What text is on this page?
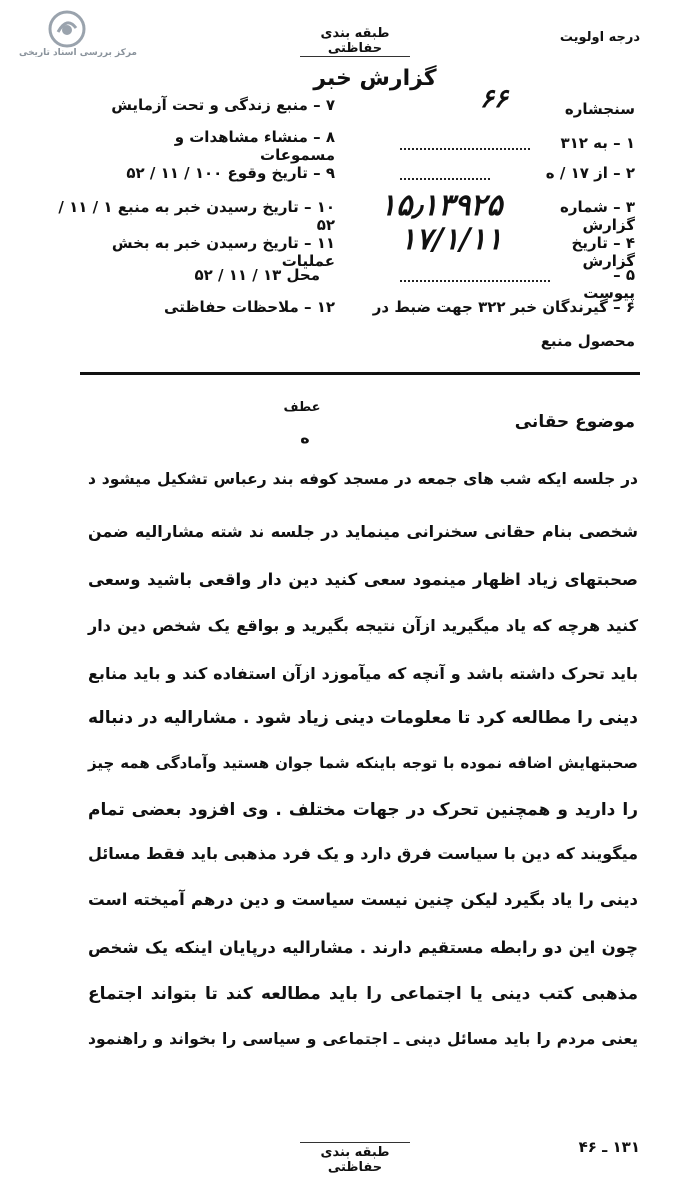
مرکز بررسی اسناد تاریخی
درجه اولویت
طبقه بندی حفاظتی
گزارش خبر
۶۶
۷ – منبع زندگی و تحت آزمایش
۸ – منشاء مشاهدات و مسموعات
۹ – تاریخ وقوع ۱۰۰ / ۱۱ / ۵۲
۱۰ – تاریخ رسیدن خبر به منبع ۱ / ۱۱ / ۵۲
۱۱ – تاریخ رسیدن خبر به بخش عملیات
محل ۱۳ / ۱۱ / ۵۲
۱۲ – ملاحظات حفاظتی
سنجشاره
۱ – به ۳۱۲
۲ – از ۱۷ / ه
۳ – شماره گزارش
۱۵٫۱۳۹۲۵
۴ – تاریخ گزارش
۱۷/۱/۱۱
۵ – پیوست
۶ – گیرندگان خبر ۳۲۲ جهت ضبط در
محصول منبع
عطف
ه
موضوع حقانی
در جلسه ایکه شب های جمعه در مسجد کوفه بند رعباس تشکیل میشود د
شخصی بنام حقانی سخنرانی مینماید در جلسه ند شته مشارالیه ضمن
صحبتهای زیاد اظهار مینمود سعی کنید دین دار واقعی باشید وسعی
کنید هرچه که یاد میگیرید ازآن نتیجه بگیرید و بواقع یک شخص دین دار
باید تحرک داشته باشد و آنچه که میآموزد ازآن استفاده کند و باید منابع
دینی را مطالعه کرد تا معلومات دینی زیاد شود . مشارالیه در دنباله
صحبتهایش اضافه نموده با توجه باینکه شما جوان هستید وآمادگی همه چیز
را دارید و همچنین تحرک در جهات مختلف . وی افزود بعضی تمام
میگویند که دین با سیاست فرق دارد و یک فرد مذهبی باید فقط مسائل
دینی را یاد بگیرد لیکن چنین نیست سیاست و دین درهم آمیخته است
چون این دو رابطه مستقیم دارند . مشارالیه درپایان اینکه یک شخص
مذهبی کتب دینی یا اجتماعی را باید مطالعه کند تا بتواند اجتماع
یعنی مردم را باید مسائل دینی ـ اجتماعی و سیاسی را بخواند و راهنمود
طبقه بندی حفاظتی
۱۳۱ ـ ۴۶
